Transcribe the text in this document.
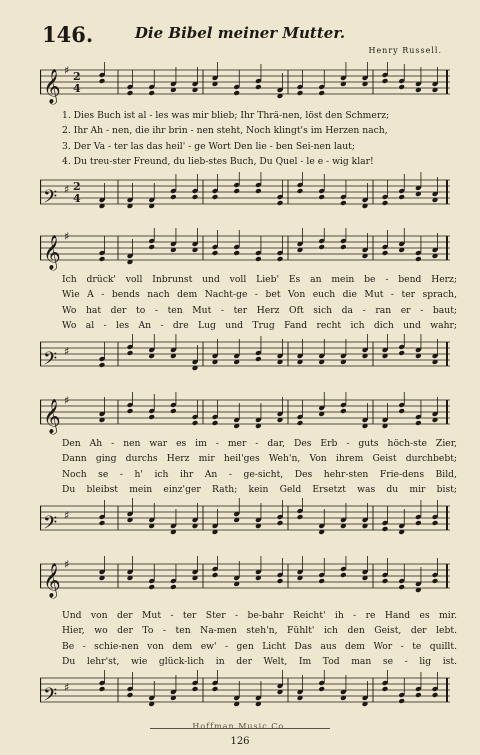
146.	Die Bibel meiner Mutter.
Henry Russell.
𝄞 ♯ 2
4
1. Dies Buch ist al - les was mir blieb; Ihr Thrä-nen, löst den Schmerz;
2. Ihr Ah - nen, die ihr brin - nen steht, Noch klingt's im Herzen nach,
3. Der Va - ter las das heil' - ge Wort Den lie - ben Sei-nen laut;
4. Du treu-ster Freund, du lieb-stes Buch, Du Quel - le e - wig klar!
𝄢 ♯ 2
4
𝄞 ♯
Ich drück' voll Inbrunst und voll Lieb' Es an mein be - bend Herz;
Wie A - bends nach dem Nacht-ge - bet Von euch die Mut - ter sprach,
Wo hat der to - ten Mut - ter Herz Oft sich da - ran er - baut;
Wo al - les An - dre Lug und Trug Fand recht ich dich und wahr;
𝄢 ♯
𝄞 ♯
Den Ah - nen war es im - mer - dar, Des Erb - guts höch-ste Zier,
Dann ging durchs Herz mir heil'ges Weh'n, Von ihrem Geist durchbebt;
Noch se - h' ich ihr An - ge-sicht, Des hehr-sten Frie-dens Bild,
Du bleibst mein einz'ger Rath; kein Geld Ersetzt was du mir bist;
𝄢 ♯
𝄞 ♯
Und von der Mut - ter Ster - be-bahr Reicht' ih - re Hand es mir.
Hier, wo der To - ten Na-men steh'n, Fühlt' ich den Geist, der lebt.
Be - schie-nen von dem ew' - gen Licht Das aus dem Wor - te quillt.
Du lehr'st, wie glück-lich in der Welt, Im Tod man se - lig ist.
𝄢 ♯
Hoffman Music Co.
126
